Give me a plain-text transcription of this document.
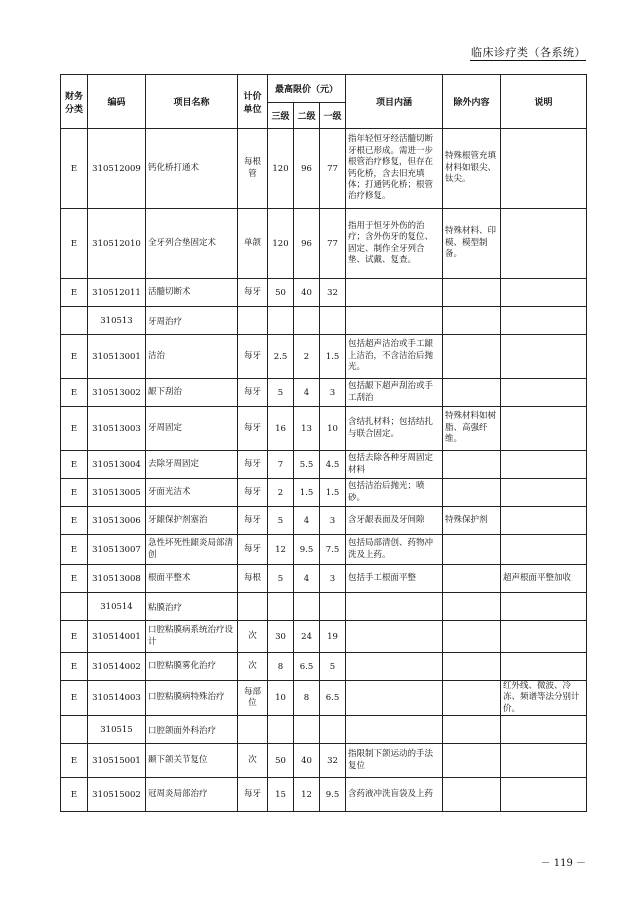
临床诊疗类（各系统）
财务分类	编码	项目名称	计价单位	最高限价（元）			项目内涵	除外内容	说明
				三级	二级	一级			
E	310512009	钙化桥打通术	每根管	120	96	77	指年轻恒牙经活髓切断牙根已形成。需进一步根管治疗修复，但存在钙化桥，含去旧充填体；打通钙化桥；根管治疗修复。	特殊根管充填材料如银尖、钛尖。	
E	310512010	全牙列合垫固定术	单颌	120	96	77	指用于恒牙外伤的治疗；含外伤牙的复位、固定、制作全牙列合垫、试戴、复查。	特殊材料、印模、模型制备。	
E	310512011	活髓切断术	每牙	50	40	32			
	310513	牙周治疗							
E	310513001	洁治	每牙	2.5	2	1.5	包括超声洁治或手工龈上洁治，不含洁治后抛光。		
E	310513002	龈下刮治	每牙	5	4	3	包括龈下超声刮治或手工刮治		
E	310513003	牙周固定	每牙	16	13	10	含结扎材料；包括结扎与联合固定。	特殊材料如树脂、高强纤维。	
E	310513004	去除牙周固定	每牙	7	5.5	4.5	包括去除各种牙周固定材料		
E	310513005	牙面光洁术	每牙	2	1.5	1.5	包括洁治后抛光；喷砂。		
E	310513006	牙龈保护剂塞治	每牙	5	4	3	含牙龈表面及牙间隙	特殊保护剂	
E	310513007	急性坏死性龈炎局部清创	每牙	12	9.5	7.5	包括局部清创、药物冲洗及上药。		
E	310513008	根面平整术	每根	5	4	3	包括手工根面平整		超声根面平整加收
	310514	粘膜治疗							
E	310514001	口腔粘膜病系统治疗设计	次	30	24	19			
E	310514002	口腔粘膜雾化治疗	次	8	6.5	5			
E	310514003	口腔粘膜病特殊治疗	每部位	10	8	6.5			红外线、微波、冷冻、频谱等法分别计价。
	310515	口腔颌面外科治疗							
E	310515001	颞下颌关节复位	次	50	40	32	指限制下颌运动的手法复位		
E	310515002	冠周炎局部治疗	每牙	15	12	9.5	含药液冲洗盲袋及上药		
－ 119 －
